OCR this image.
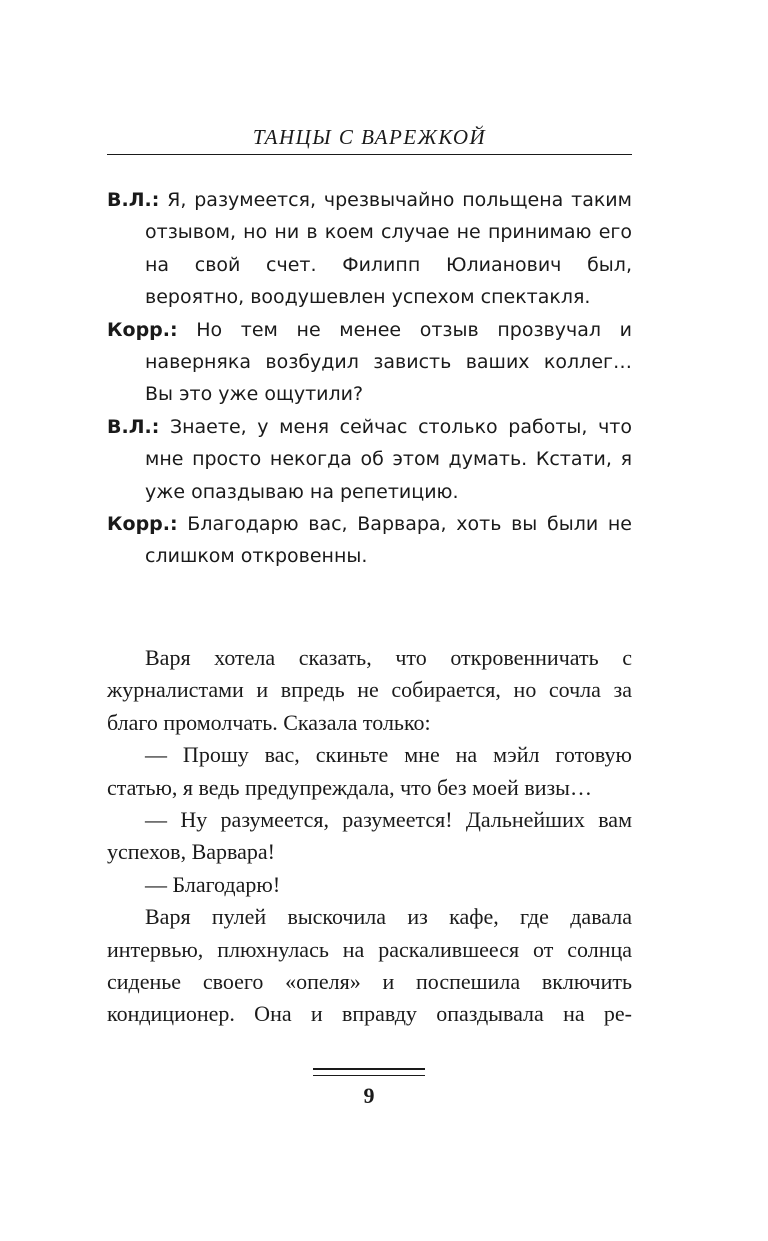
ТАНЦЫ С ВАРЕЖКОЙ

В.Л.: Я, разумеется, чрезвычайно польщена таким отзывом, но ни в коем случае не принимаю его на свой счет. Филипп Юлианович был, вероятно, воодушевлен успехом спектакля.

Корр.: Но тем не менее отзыв прозвучал и наверняка возбудил зависть ваших коллег… Вы это уже ощутили?

В.Л.: Знаете, у меня сейчас столько работы, что мне просто некогда об этом думать. Кстати, я уже опаздываю на репетицию.

Корр.: Благодарю вас, Варвара, хоть вы были не слишком откровенны.

Варя хотела сказать, что откровенничать с журналистами и впредь не собирается, но сочла за благо промолчать. Сказала только:

— Прошу вас, скиньте мне на мэйл готовую статью, я ведь предупреждала, что без моей визы…

— Ну разумеется, разумеется! Дальнейших вам успехов, Варвара!

— Благодарю!

Варя пулей выскочила из кафе, где давала интервью, плюхнулась на раскалившееся от солнца сиденье своего «опеля» и поспешила включить кондиционер. Она и вправду опаздывала на ре-

9
